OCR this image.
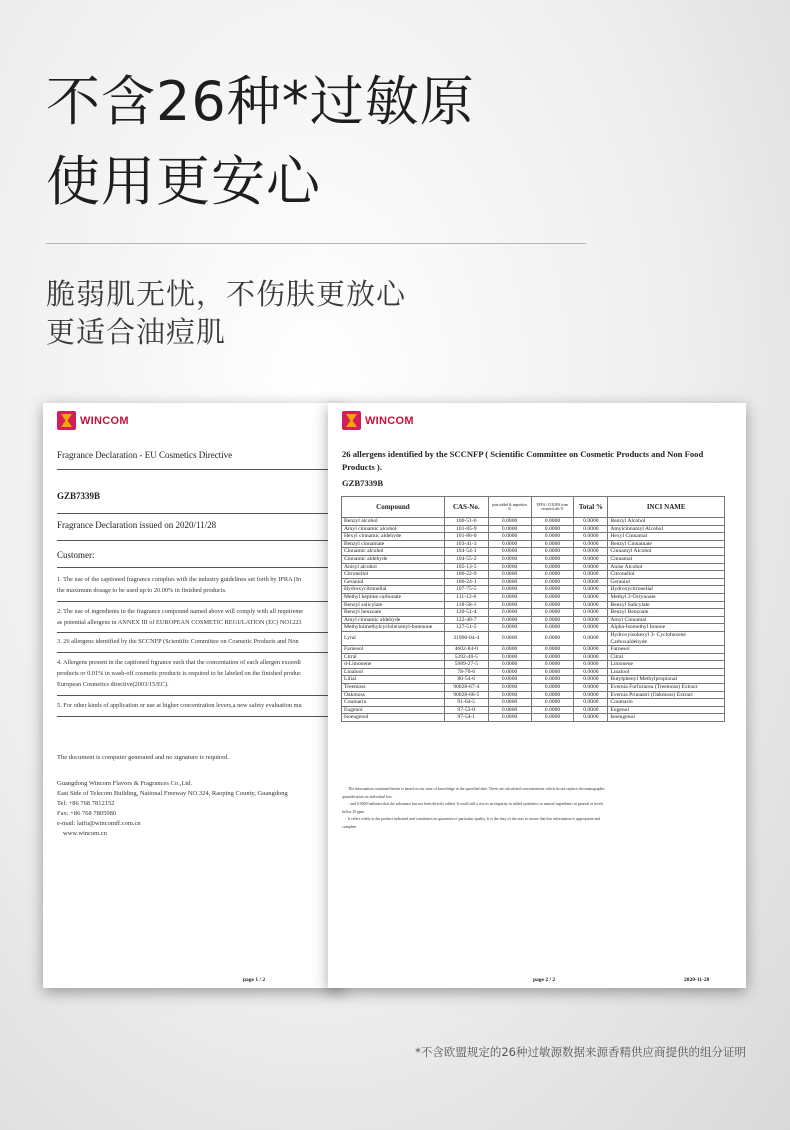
不含26种*过敏原
使用更安心
脆弱肌无忧，不伤肤更放心
更适合油痘肌
WINCOM
Fragrance Declaration - EU Cosmetics Directive
GZB7339B
Fragrance Declaration issued on 2020/11/28
Customer:
1. The use of the captioned fragrance complies with the industry guidelines set forth by IFRA (In
the maximum dosage to be used up to 20.00% in finished products.
2. The use of ingredients in the fragrance compound named above will comply with all requireme
as potential allergens in ANNEX III of EUROPEAN COSMETIC REGULATION (EC) NO1223
3. 26 allergens identified by the SCCNFP (Scientific Committee on Cosmetic Products and Non
4. Allergens present in the captioned frgrance such that the concentation of each allergen exceedi
products or 0.01% in wash-off cosmetic products is required to be labeled on the finished produc
European Cosmetics directive(2003/15/EC).
5. For other kinds of application or use at higher concentration levers,a new safety evaluation mu
The document is computer generated and no signature is required.
Guangdong Wincom Flavors & Fragrances Co.,Ltd.
East Side of Telecom Building, National Freeway NO.324, Raoping County, Guangdong
Tel: +86 768 7812152
Fax: +86 768 7805980
e-mail: laifu@wincomff.com.cn
www.wincom.cn
page 1 / 2
WINCOM
26 allergens identified by the SCCNFP ( Scientific Committee on Cosmetic Products and Non Food Products ).
GZB7339B
Compound	CAS-No.	pure added & impurities %	EFFA / COLIPA from essential oils %	Total %	INCI NAME
Benzyl alcohol	100-51-6	0.0000	0.0000	0.0000	Benzyl Alcohol
Amyl cinnamic alcohol	101-85-9	0.0000	0.0000	0.0000	Amylcinnamyl Alcohol
Hexyl cinnamic aldehyde	101-86-0	0.0000	0.0000	0.0000	Hexyl Cinnamal
Benzyl cinnamate	103-41-3	0.0000	0.0000	0.0000	Benzyl Cinnamate
Cinnamic alcohol	104-54-1	0.0000	0.0000	0.0000	Cinnamyl Alcohol
Cinnamic aldehyde	104-55-2	0.0000	0.0000	0.0000	Cinnamal
Anisyl alcohol	105-13-5	0.0000	0.0000	0.0000	Anise Alcohol
Citronellol	106-22-9	0.0000	0.0000	0.0000	Citronellol
Geraniol	106-24-1	0.0000	0.0000	0.0000	Geraniol
Hydroxycitronellal	107-75-5	0.0000	0.0000	0.0000	Hydroxycitronellal
Methyl heptine carbonate	111-12-6	0.0000	0.0000	0.0000	Methyl 2-Octynoate
Benzyl salicylate	118-58-1	0.0000	0.0000	0.0000	Benzyl Salicylate
Benzyl benzoate	120-51-4	0.0000	0.0000	0.0000	Benzyl Benzoate
Amyl cinnamic aldehyde	122-40-7	0.0000	0.0000	0.0000	Amyl Cinnamal
Methylnimethylcyclohexenyl-butenone	127-51-5	0.0000	0.0000	0.0000	Alpha-Isomethyl Ionone
Lyral	31906-04-4	0.0000	0.0000	0.0000	Hydroxyisohexyl 3- Cyclohexene Carboxaldehyde
Farnesol	4602-84-0	0.0000	0.0000	0.0000	Farnesol
Citral	5392-40-5	0.0000	0.0000	0.0000	Citral
d-Limonene	5989-27-5	0.0000	0.0000	0.0000	Limonene
Linalool	78-70-6	0.0000	0.0000	0.0000	Linalool
Lilial	80-54-6	0.0000	0.0000	0.0000	Butylphenyl Methylpropional
Treemoss	90028-67-4	0.0000	0.0000	0.0000	Evernia Furfuracea (Treemoss) Extract
Oakmoss	90028-68-5	0.0000	0.0000	0.0000	Evernia Prunastri (Oakmoss) Extract
Coumarin	91-64-5	0.0000	0.0000	0.0000	Coumarin
Eugenol	97-53-0	0.0000	0.0000	0.0000	Eugenol
Isoeugenol	97-54-1	0.0000	0.0000	0.0000	Isoeugenol
The information contained herein is based on our state of knowledge at the specified date. These are calculated concentrations which do not replace chromatographic
quantification on individual lots.
- and 0.0000 indicates that the substance has not been directly added. It could still a rise as an impurity in added synthetics or natural ingredients in general at levels
below 10 ppm
It refers solely to the product indicated and constitutes no guarantee of particular quality. It is the duty of the user to assure that this information is appropriate and
complete.
page 2 / 2	2020-11-28
*不含欧盟规定的26种过敏源数据来源香精供应商提供的组分证明
